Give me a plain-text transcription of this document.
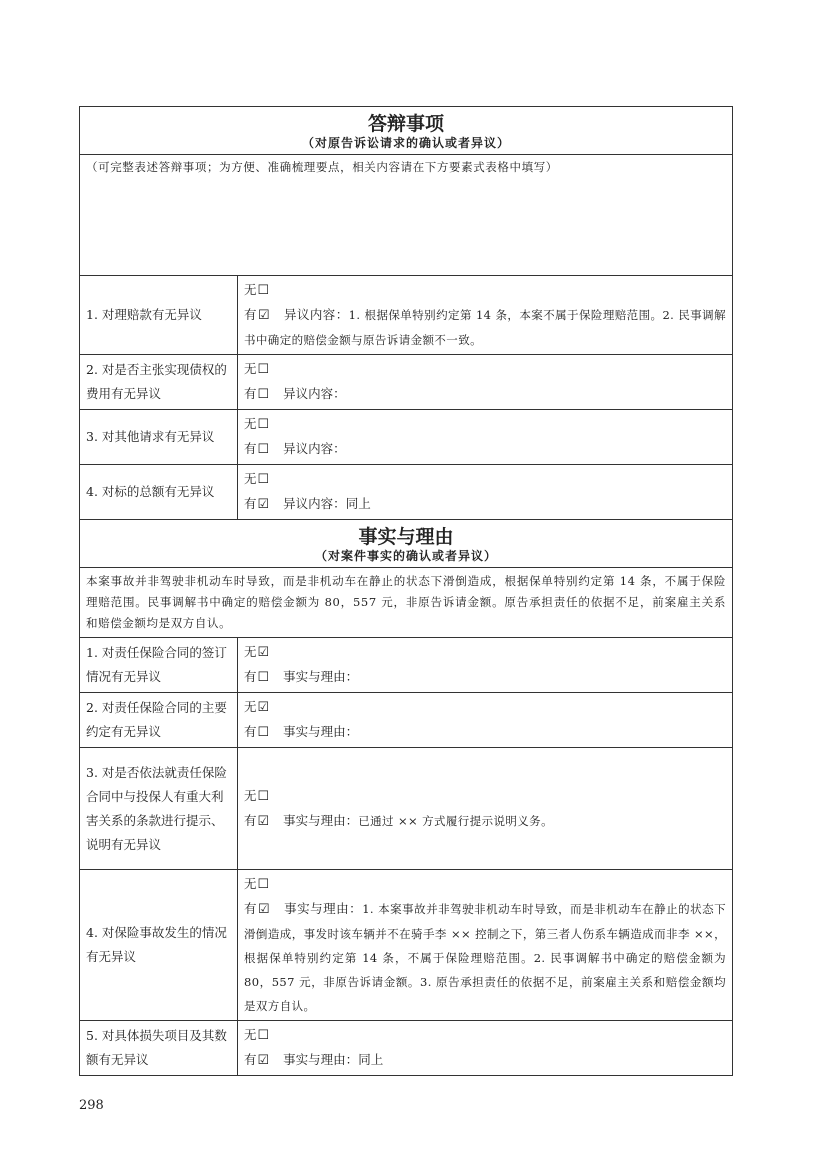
答辩事项
（对原告诉讼请求的确认或者异议）	

（可完整表述答辩事项；为方便、准确梳理要点，相关内容请在下方要素式表格中填写）	
1. 对理赔款有无异议	无☐
有☑ 异议内容：1. 根据保单特别约定第 14 条，本案不属于保险理赔范围。2. 民事调解书中确定的赔偿金额与原告诉请金额不一致。

2. 对是否主张实现债权的费用有无异议	无☐
有☐ 异议内容：

3. 对其他请求有无异议	无☐
有☐ 异议内容：

4. 对标的总额有无异议	无☐
有☑ 异议内容：同上

事实与理由
（对案件事实的确认或者异议）	

本案事故并非驾驶非机动车时导致，而是非机动车在静止的状态下滑倒造成，根据保单特别约定第 14 条，不属于保险理赔范围。民事调解书中确定的赔偿金额为 80，557 元，非原告诉请金额。原告承担责任的依据不足，前案雇主关系和赔偿金额均是双方自认。	
1. 对责任保险合同的签订情况有无异议	无☑
有☐ 事实与理由：

2. 对责任保险合同的主要约定有无异议	无☑
有☐ 事实与理由：

3. 对是否依法就责任保险合同中与投保人有重大利害关系的条款进行提示、说明有无异议	无☐
有☑ 事实与理由：已通过 ×× 方式履行提示说明义务。

4. 对保险事故发生的情况有无异议	无☐
有☑ 事实与理由：1. 本案事故并非驾驶非机动车时导致，而是非机动车在静止的状态下滑倒造成，事发时该车辆并不在骑手李 ×× 控制之下，第三者人伤系车辆造成而非李 ××，根据保单特别约定第 14 条，不属于保险理赔范围。2. 民事调解书中确定的赔偿金额为 80，557 元，非原告诉请金额。3. 原告承担责任的依据不足，前案雇主关系和赔偿金额均是双方自认。

5. 对具体损失项目及其数额有无异议	无☐
有☑ 事实与理由：同上
298
